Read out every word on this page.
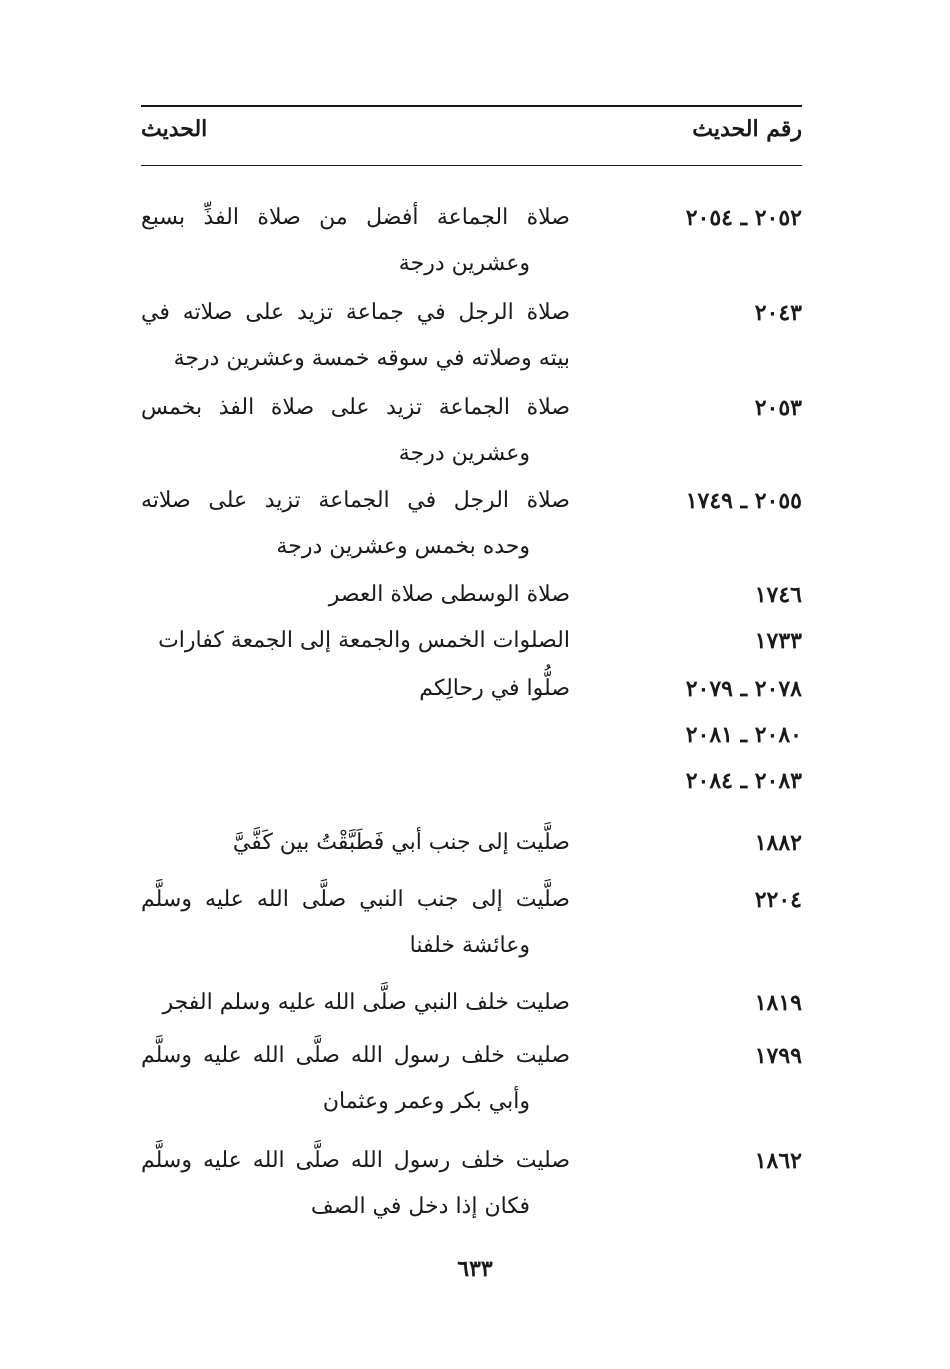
رقم الحديث
الحديث
٢٠٥٢ ـ ٢٠٥٤
صلاة الجماعة أفضل من صلاة الفذِّ بسبع
وعشرين درجة
٢٠٤٣
صلاة الرجل في جماعة تزيد على صلاته في
بيته وصلاته في سوقه خمسة وعشرين درجة
٢٠٥٣
صلاة الجماعة تزيد على صلاة الفذ بخمس
وعشرين درجة
٢٠٥٥ ـ ١٧٤٩
صلاة الرجل في الجماعة تزيد على صلاته
وحده بخمس وعشرين درجة
١٧٤٦
صلاة الوسطى صلاة العصر
١٧٣٣
الصلوات الخمس والجمعة إلى الجمعة كفارات
٢٠٧٨ ـ ٢٠٧٩
صلُّوا في رحالِكم
٢٠٨٠ ـ ٢٠٨١
٢٠٨٣ ـ ٢٠٨٤
١٨٨٢
صلَّيت إلى جنب أبي فَطَبَّقْتُ بين كَفَّيَّ
٢٢٠٤
صلَّيت إلى جنب النبي صلَّى الله عليه وسلَّم
وعائشة خلفنا
١٨١٩
صليت خلف النبي صلَّى الله عليه وسلم الفجر
١٧٩٩
صليت خلف رسول الله صلَّى الله عليه وسلَّم
وأبي بكر وعمر وعثمان
١٨٦٢
صليت خلف رسول الله صلَّى الله عليه وسلَّم
فكان إذا دخل في الصف
٦٣٣
